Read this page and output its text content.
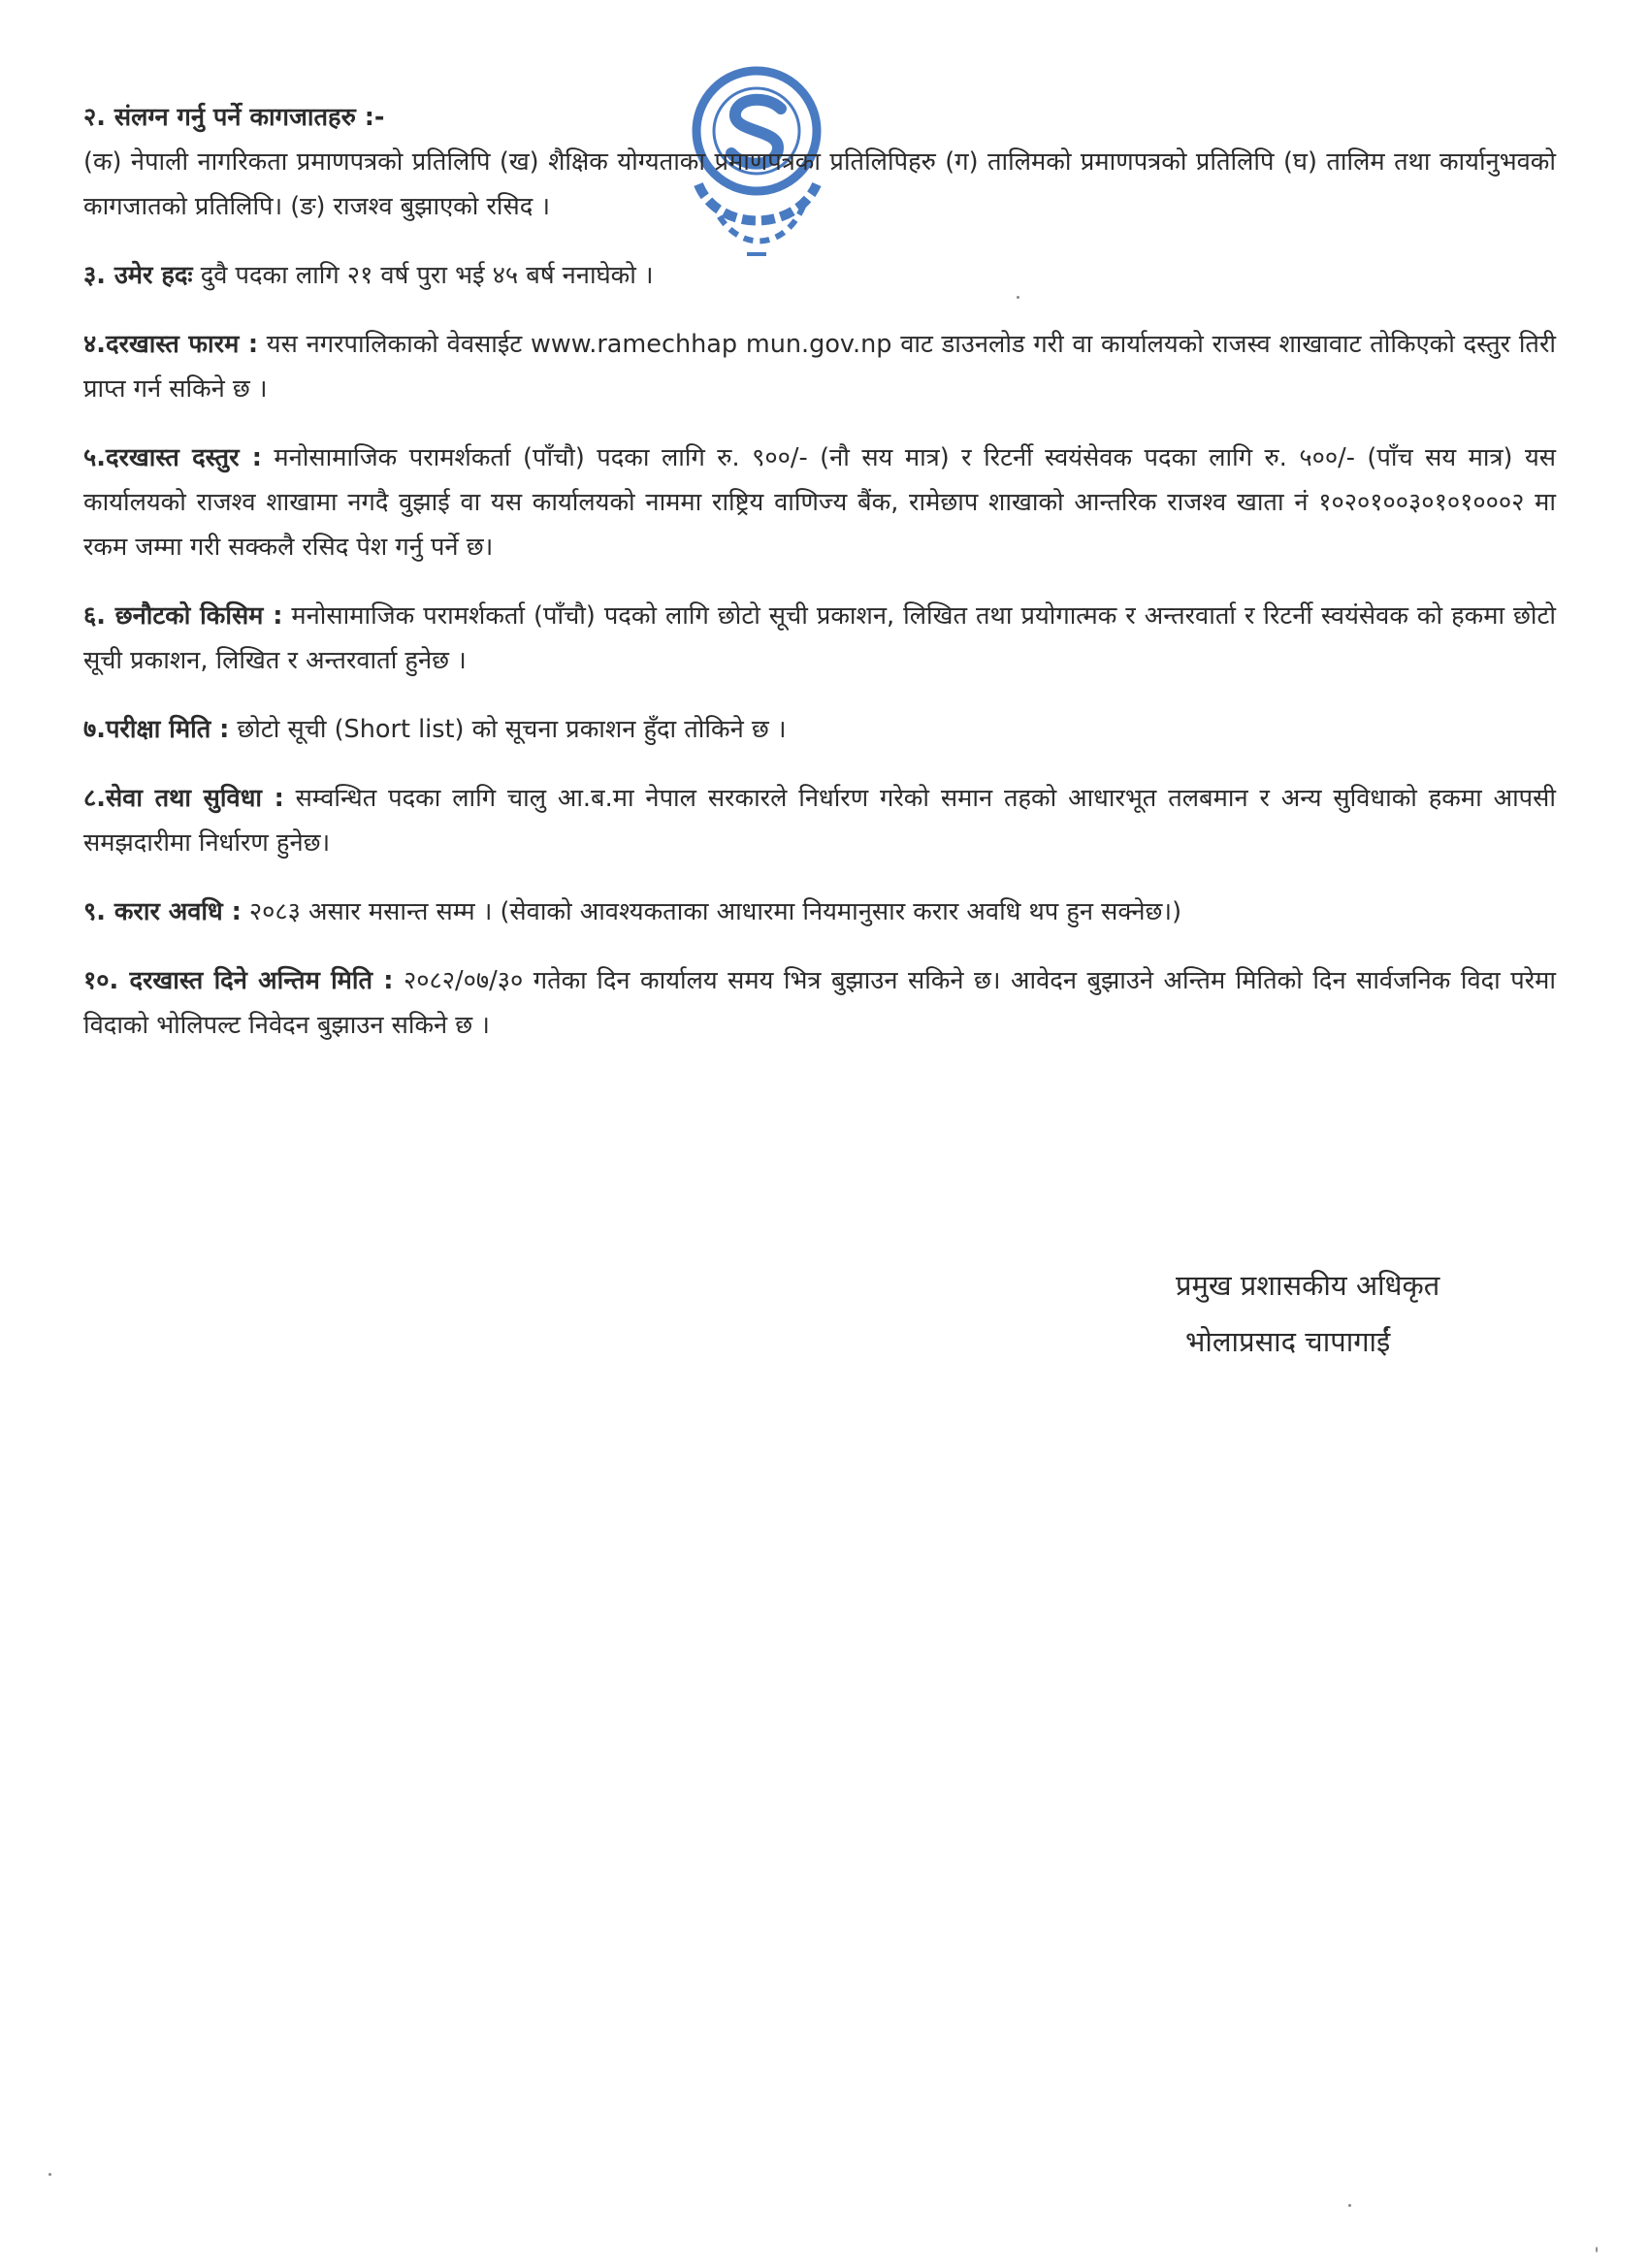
२. संलग्न गर्नु पर्ने कागजातहरु :-
(क) नेपाली नागरिकता प्रमाणपत्रको प्रतिलिपि (ख) शैक्षिक योग्यताका प्रमाणपत्रका प्रतिलिपिहरु (ग) तालिमको प्रमाणपत्रको प्रतिलिपि (घ) तालिम तथा कार्यानुभवको कागजातको प्रतिलिपि। (ङ) राजश्व बुझाएको रसिद ।

३. उमेर हदः दुवै पदका लागि २१ वर्ष पुरा भई ४५ बर्ष ननाघेको ।

४.दरखास्त फारम : यस नगरपालिकाको वेवसाईट www.ramechhap mun.gov.np वाट डाउनलोड गरी वा कार्यालयको राजस्व शाखावाट तोकिएको दस्तुर तिरी प्राप्त गर्न सकिने छ ।

५.दरखास्त दस्तुर : मनोसामाजिक परामर्शकर्ता (पाँचौ) पदका लागि रु. ९००/- (नौ सय मात्र) र रिटर्नी स्वयंसेवक पदका लागि रु. ५००/- (पाँच सय मात्र) यस कार्यालयको राजश्व शाखामा नगदै वुझाई वा यस कार्यालयको नाममा राष्ट्रिय वाणिज्य बैंक, रामेछाप शाखाको आन्तरिक राजश्व खाता नं १०२०१००३०१०१०००२ मा रकम जम्मा गरी सक्कलै रसिद पेश गर्नु पर्ने छ।

६. छनौटको किसिम : मनोसामाजिक परामर्शकर्ता (पाँचौ) पदको लागि छोटो सूची प्रकाशन, लिखित तथा प्रयोगात्मक र अन्तरवार्ता र रिटर्नी स्वयंसेवक को हकमा छोटो सूची प्रकाशन, लिखित र अन्तरवार्ता हुनेछ ।

७.परीक्षा मिति : छोटो सूची (Short list) को सूचना प्रकाशन हुँदा तोकिने छ ।

८.सेवा तथा सुविधा : सम्वन्धित पदका लागि चालु आ.ब.मा नेपाल सरकारले निर्धारण गरेको समान तहको आधारभूत तलबमान र अन्य सुविधाको हकमा आपसी समझदारीमा निर्धारण हुनेछ।

९. करार अवधि : २०८३ असार मसान्त सम्म । (सेवाको आवश्यकताका आधारमा नियमानुसार करार अवधि थप हुन सक्नेछ।)

१०. दरखास्त दिने अन्तिम मिति : २०८२/०७/३० गतेका दिन कार्यालय समय भित्र बुझाउन सकिने छ। आवेदन बुझाउने अन्तिम मितिको दिन सार्वजनिक विदा परेमा विदाको भोलिपल्ट निवेदन बुझाउन सकिने छ ।

प्रमुख प्रशासकीय अधिकृत
भोलाप्रसाद चापागाईं
